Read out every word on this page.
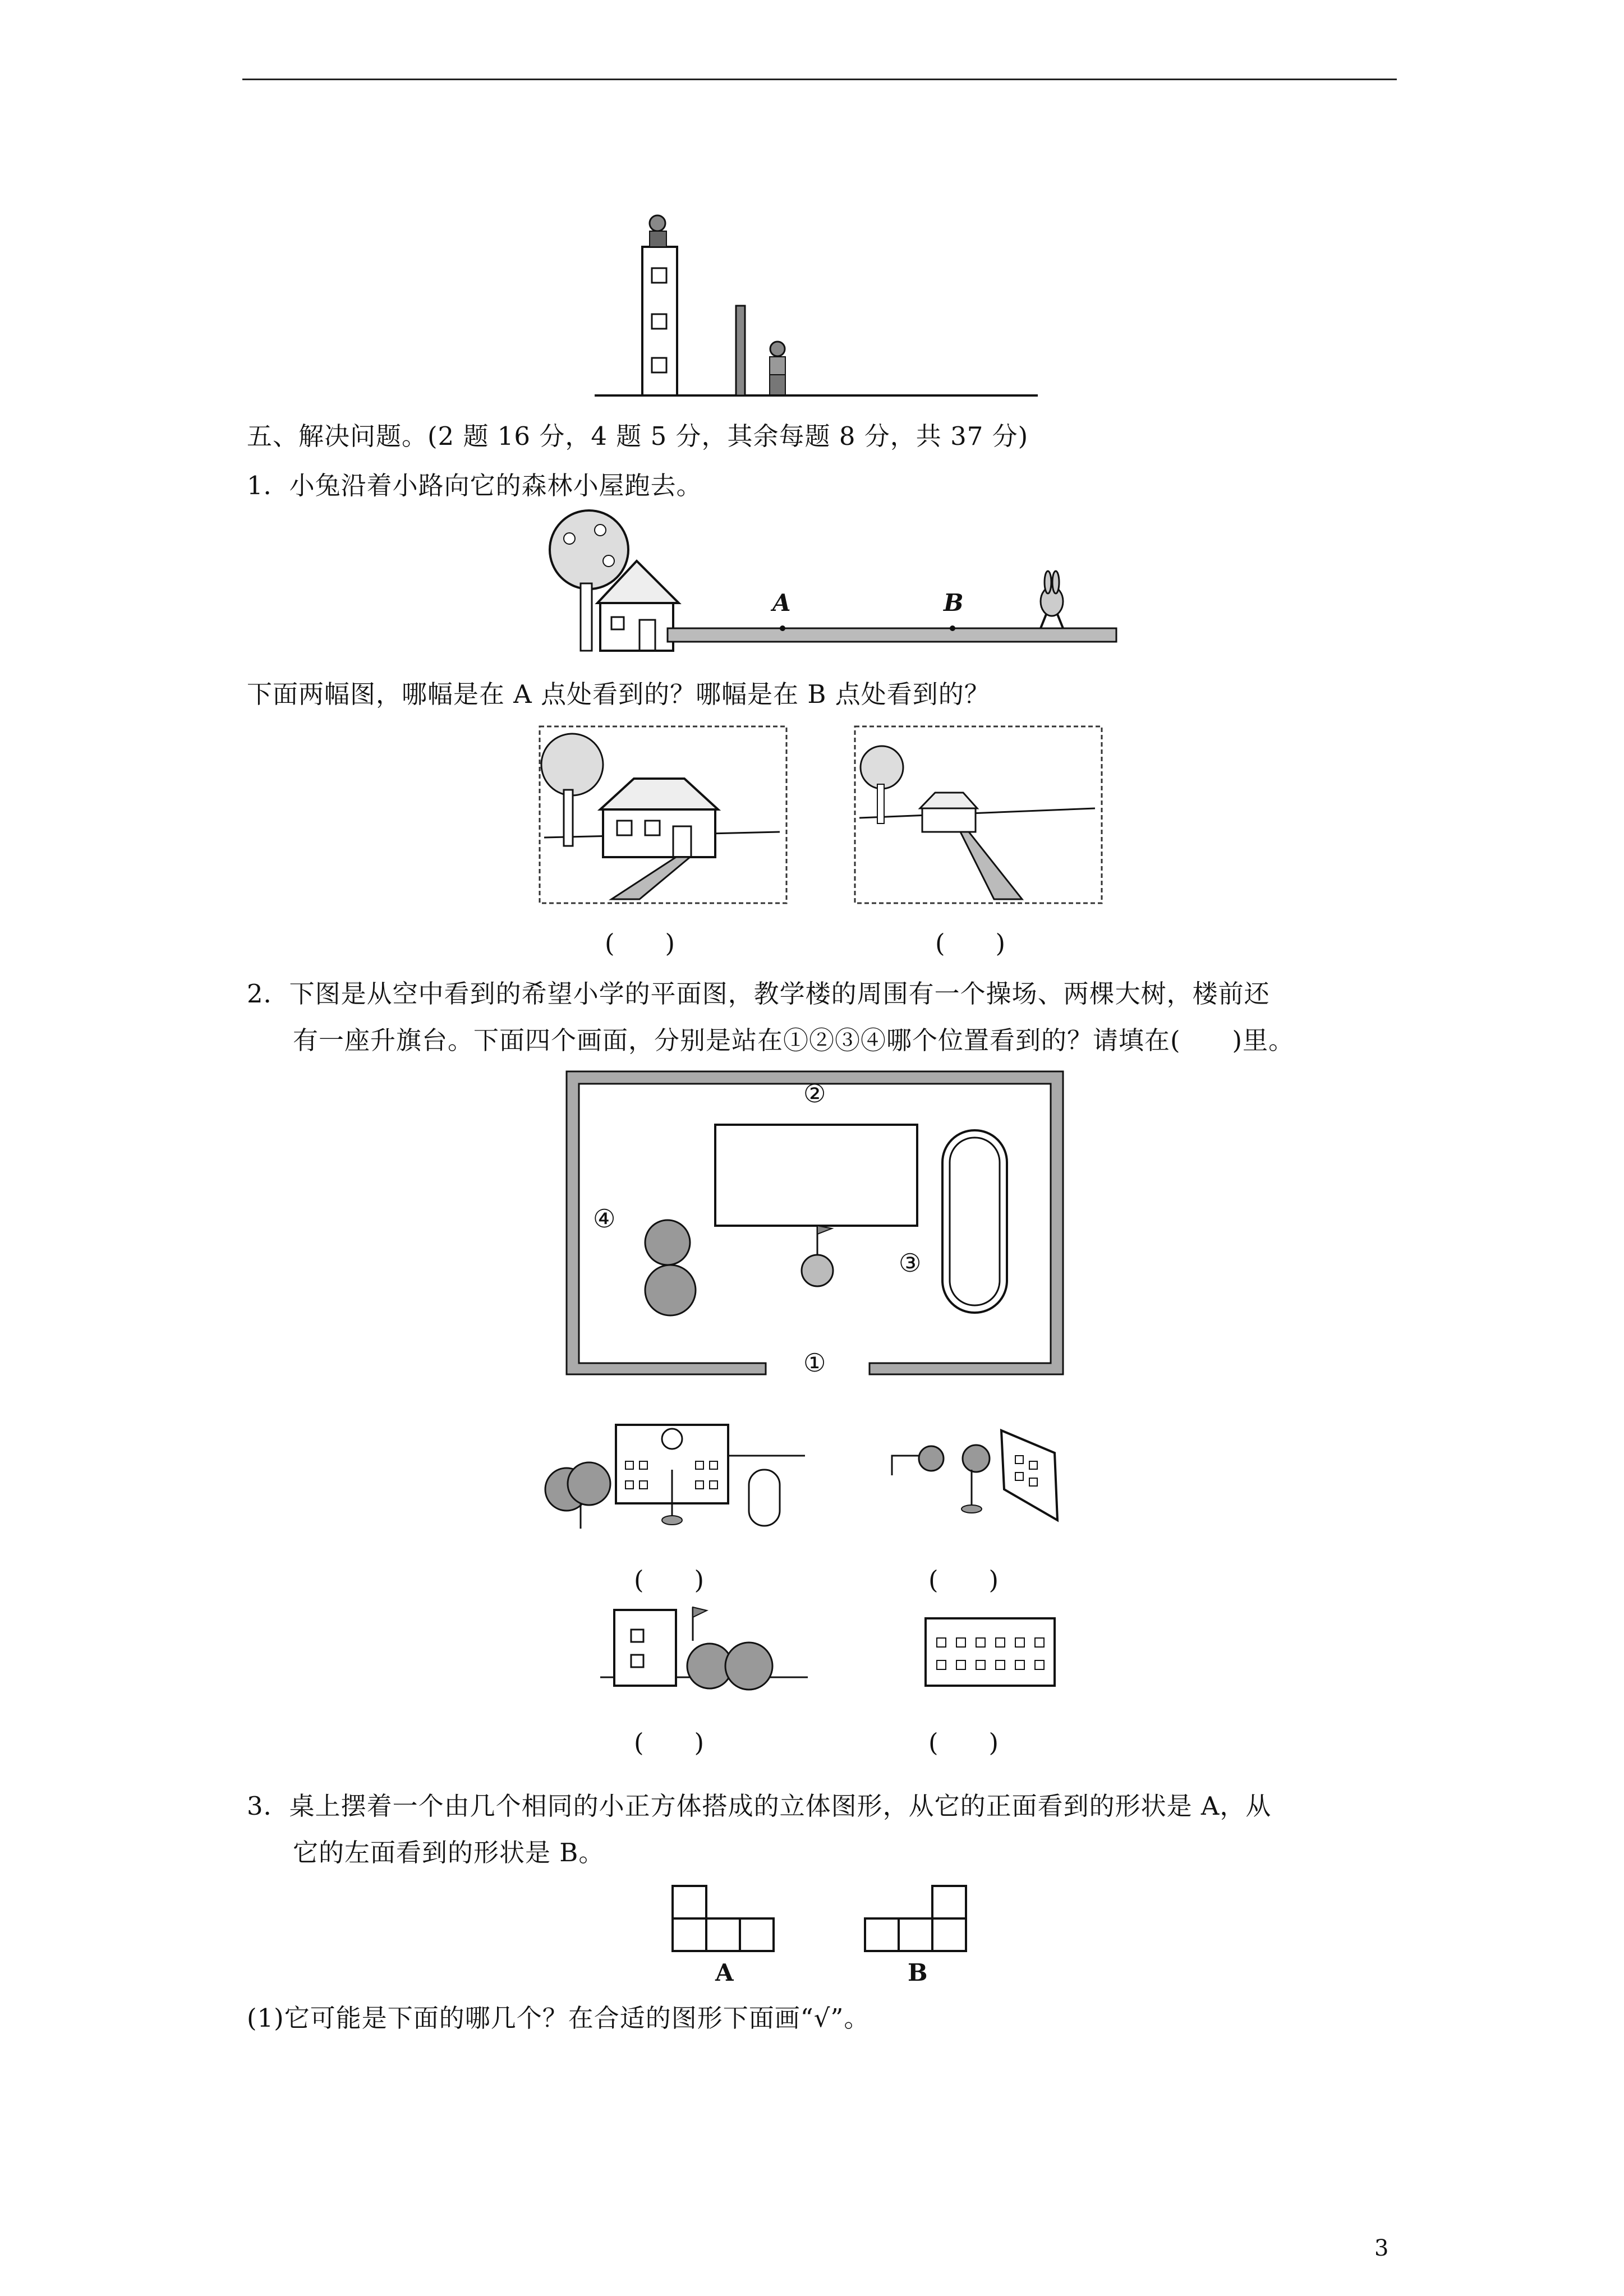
五、解决问题。(2 题 16 分，4 题 5 分，其余每题 8 分，共 37 分)
1．小兔沿着小路向它的森林小屋跑去。
A	B
下面两幅图，哪幅是在 A 点处看到的？哪幅是在 B 点处看到的？
(　　)	(　　)
2．下图是从空中看到的希望小学的平面图，教学楼的周围有一个操场、两棵大树，楼前还
有一座升旗台。下面四个画面，分别是站在①②③④哪个位置看到的？请填在(　　)里。
②
④
③
①
(　　)	(　　)
(　　)	(　　)
3．桌上摆着一个由几个相同的小正方体搭成的立体图形，从它的正面看到的形状是 A，从
它的左面看到的形状是 B。
A	B
(1)它可能是下面的哪几个？在合适的图形下面画“√”。
3
